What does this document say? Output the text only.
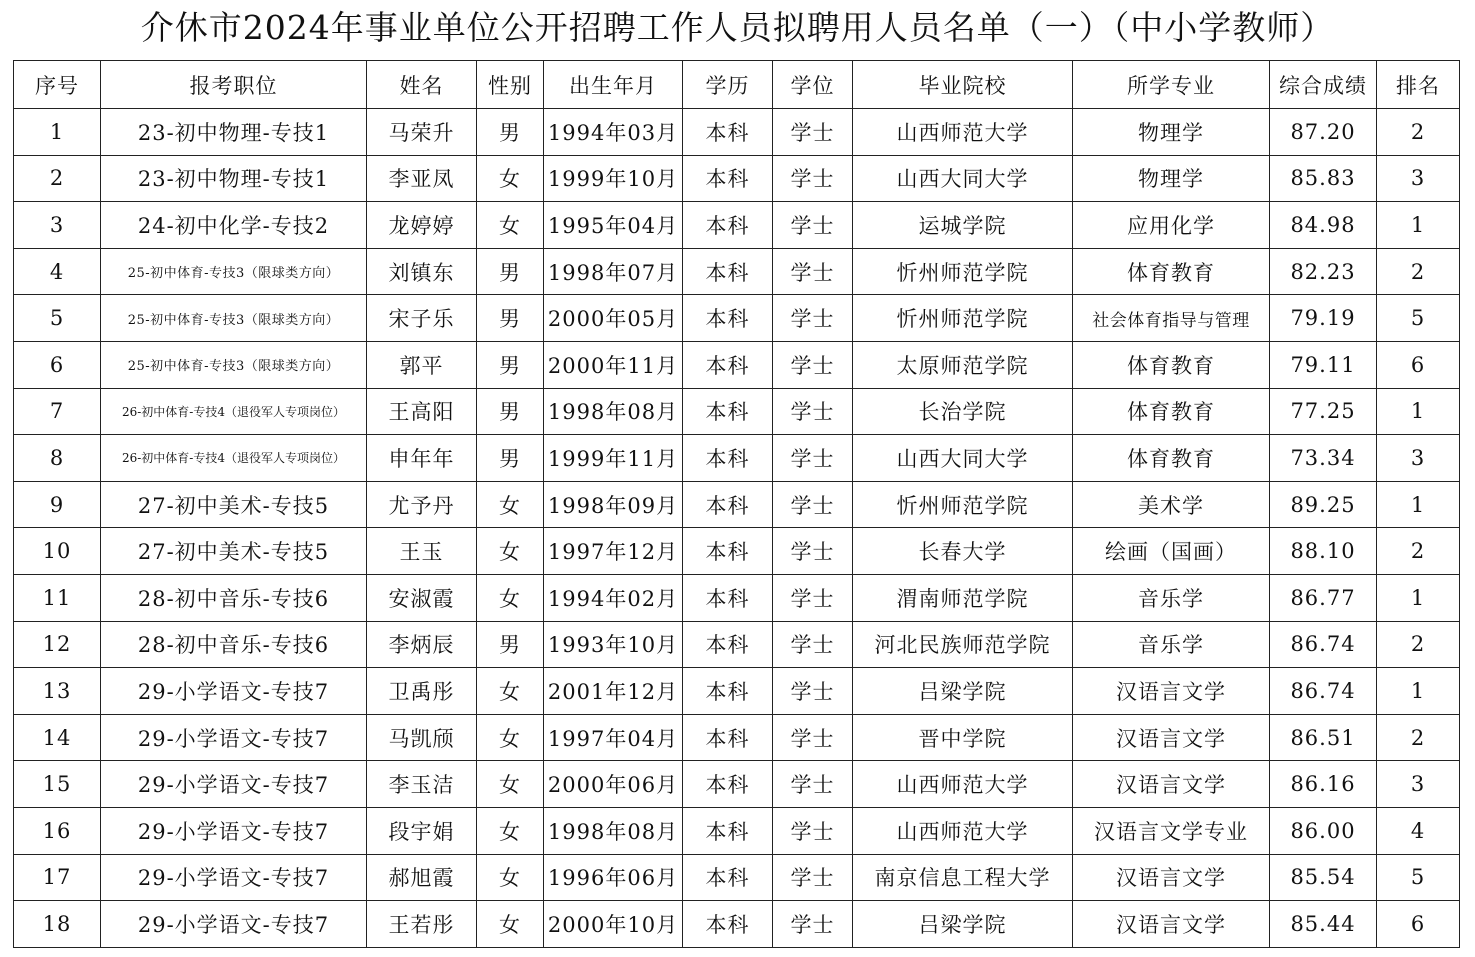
介休市2024年事业单位公开招聘工作人员拟聘用人员名单（一）（中小学教师）
序号	报考职位	姓名	性别	出生年月	学历	学位	毕业院校	所学专业	综合成绩	排名
1	23-初中物理-专技1	马荣升	男	1994年03月	本科	学士	山西师范大学	物理学	87.20	2
2	23-初中物理-专技1	李亚凤	女	1999年10月	本科	学士	山西大同大学	物理学	85.83	3
3	24-初中化学-专技2	龙婷婷	女	1995年04月	本科	学士	运城学院	应用化学	84.98	1
4	25-初中体育-专技3（限球类方向）	刘镇东	男	1998年07月	本科	学士	忻州师范学院	体育教育	82.23	2
5	25-初中体育-专技3（限球类方向）	宋子乐	男	2000年05月	本科	学士	忻州师范学院	社会体育指导与管理	79.19	5
6	25-初中体育-专技3（限球类方向）	郭平	男	2000年11月	本科	学士	太原师范学院	体育教育	79.11	6
7	26-初中体育-专技4（退役军人专项岗位）	王高阳	男	1998年08月	本科	学士	长治学院	体育教育	77.25	1
8	26-初中体育-专技4（退役军人专项岗位）	申年年	男	1999年11月	本科	学士	山西大同大学	体育教育	73.34	3
9	27-初中美术-专技5	尤予丹	女	1998年09月	本科	学士	忻州师范学院	美术学	89.25	1
10	27-初中美术-专技5	王玉	女	1997年12月	本科	学士	长春大学	绘画（国画）	88.10	2
11	28-初中音乐-专技6	安淑霞	女	1994年02月	本科	学士	渭南师范学院	音乐学	86.77	1
12	28-初中音乐-专技6	李炳辰	男	1993年10月	本科	学士	河北民族师范学院	音乐学	86.74	2
13	29-小学语文-专技7	卫禹彤	女	2001年12月	本科	学士	吕梁学院	汉语言文学	86.74	1
14	29-小学语文-专技7	马凯颀	女	1997年04月	本科	学士	晋中学院	汉语言文学	86.51	2
15	29-小学语文-专技7	李玉洁	女	2000年06月	本科	学士	山西师范大学	汉语言文学	86.16	3
16	29-小学语文-专技7	段宇娟	女	1998年08月	本科	学士	山西师范大学	汉语言文学专业	86.00	4
17	29-小学语文-专技7	郝旭霞	女	1996年06月	本科	学士	南京信息工程大学	汉语言文学	85.54	5
18	29-小学语文-专技7	王若彤	女	2000年10月	本科	学士	吕梁学院	汉语言文学	85.44	6
